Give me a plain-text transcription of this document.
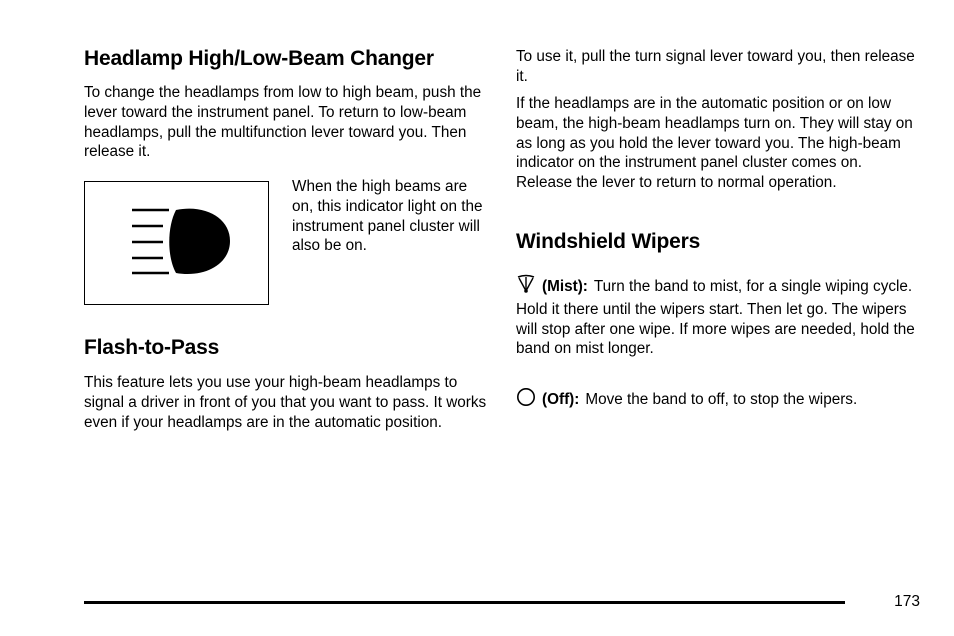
Headlamp High/Low-Beam Changer

To change the headlamps from low to high beam, push the lever toward the instrument panel. To return to low-beam headlamps, pull the multifunction lever toward you. Then release it.

When the high beams are on, this indicator light on the instrument panel cluster will also be on.

Flash-to-Pass

This feature lets you use your high-beam headlamps to signal a driver in front of you that you want to pass. It works even if your headlamps are in the automatic position.

To use it, pull the turn signal lever toward you, then release it.

If the headlamps are in the automatic position or on low beam, the high-beam headlamps turn on. They will stay on as long as you hold the lever toward you. The high-beam indicator on the instrument panel cluster comes on. Release the lever to return to normal operation.

Windshield Wipers

(Mist): Turn the band to mist, for a single wiping cycle. Hold it there until the wipers start. Then let go. The wipers will stop after one wipe. If more wipes are needed, hold the band on mist longer.

(Off): Move the band to off, to stop the wipers.

173
